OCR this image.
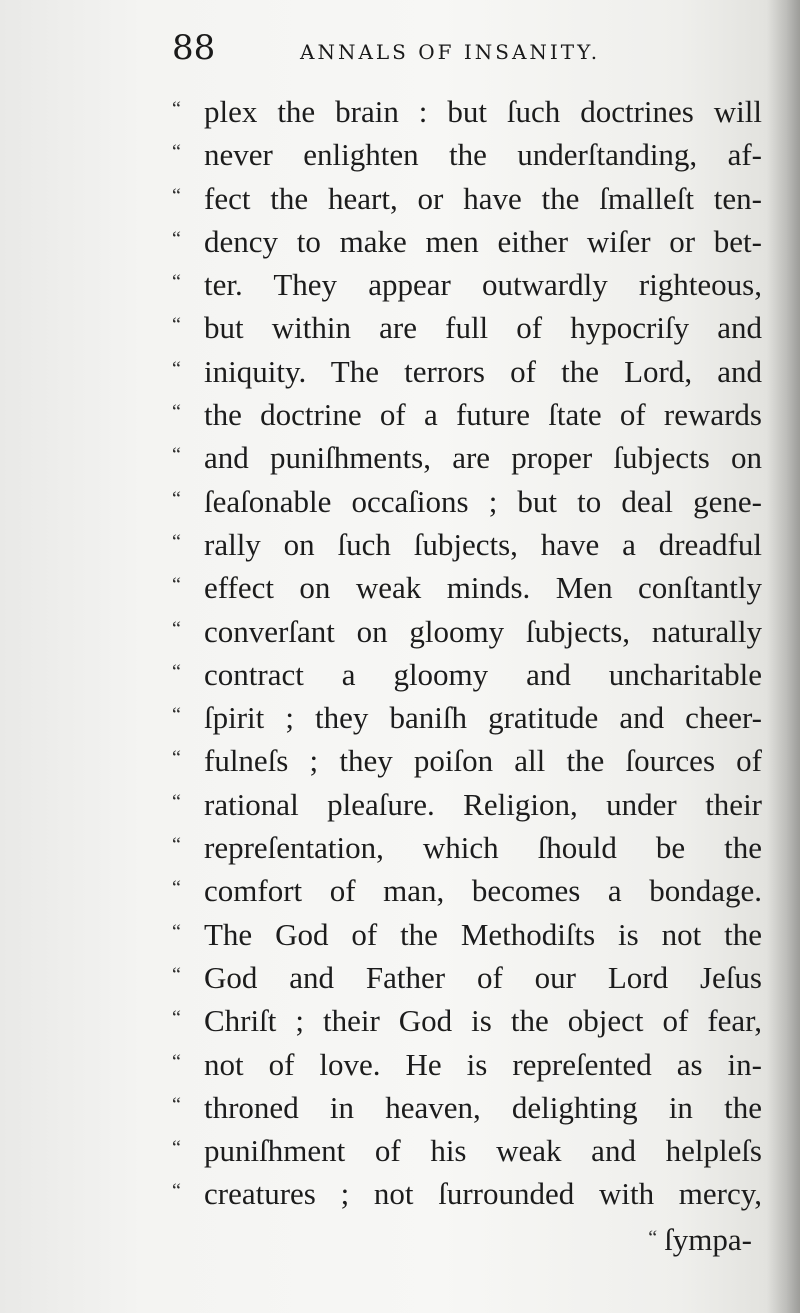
88	ANNALS OF INSANITY.
“ plex the brain : but ſuch doctrines will
“ never enlighten the underſtanding, af-
“ fect the heart, or have the ſmalleſt ten-
“ dency to make men either wiſer or bet-
“ ter. They appear outwardly righteous,
“ but within are full of hypocriſy and
“ iniquity. The terrors of the Lord, and
“ the doctrine of a future ſtate of rewards
“ and puniſhments, are proper ſubjects on
“ ſeaſonable occaſions ; but to deal gene-
“ rally on ſuch ſubjects, have a dreadful
“ effect on weak minds. Men conſtantly
“ converſant on gloomy ſubjects, naturally
“ contract a gloomy and uncharitable
“ ſpirit ; they baniſh gratitude and cheer-
“ fulneſs ; they poiſon all the ſources of
“ rational pleaſure. Religion, under their
“ repreſentation, which ſhould be the
“ comfort of man, becomes a bondage.
“ The God of the Methodiſts is not the
“ God and Father of our Lord Jeſus
“ Chriſt ; their God is the object of fear,
“ not of love. He is repreſented as in-
“ throned in heaven, delighting in the
“ puniſhment of his weak and helpleſs
“ creatures ; not ſurrounded with mercy,
“ ſympa-
